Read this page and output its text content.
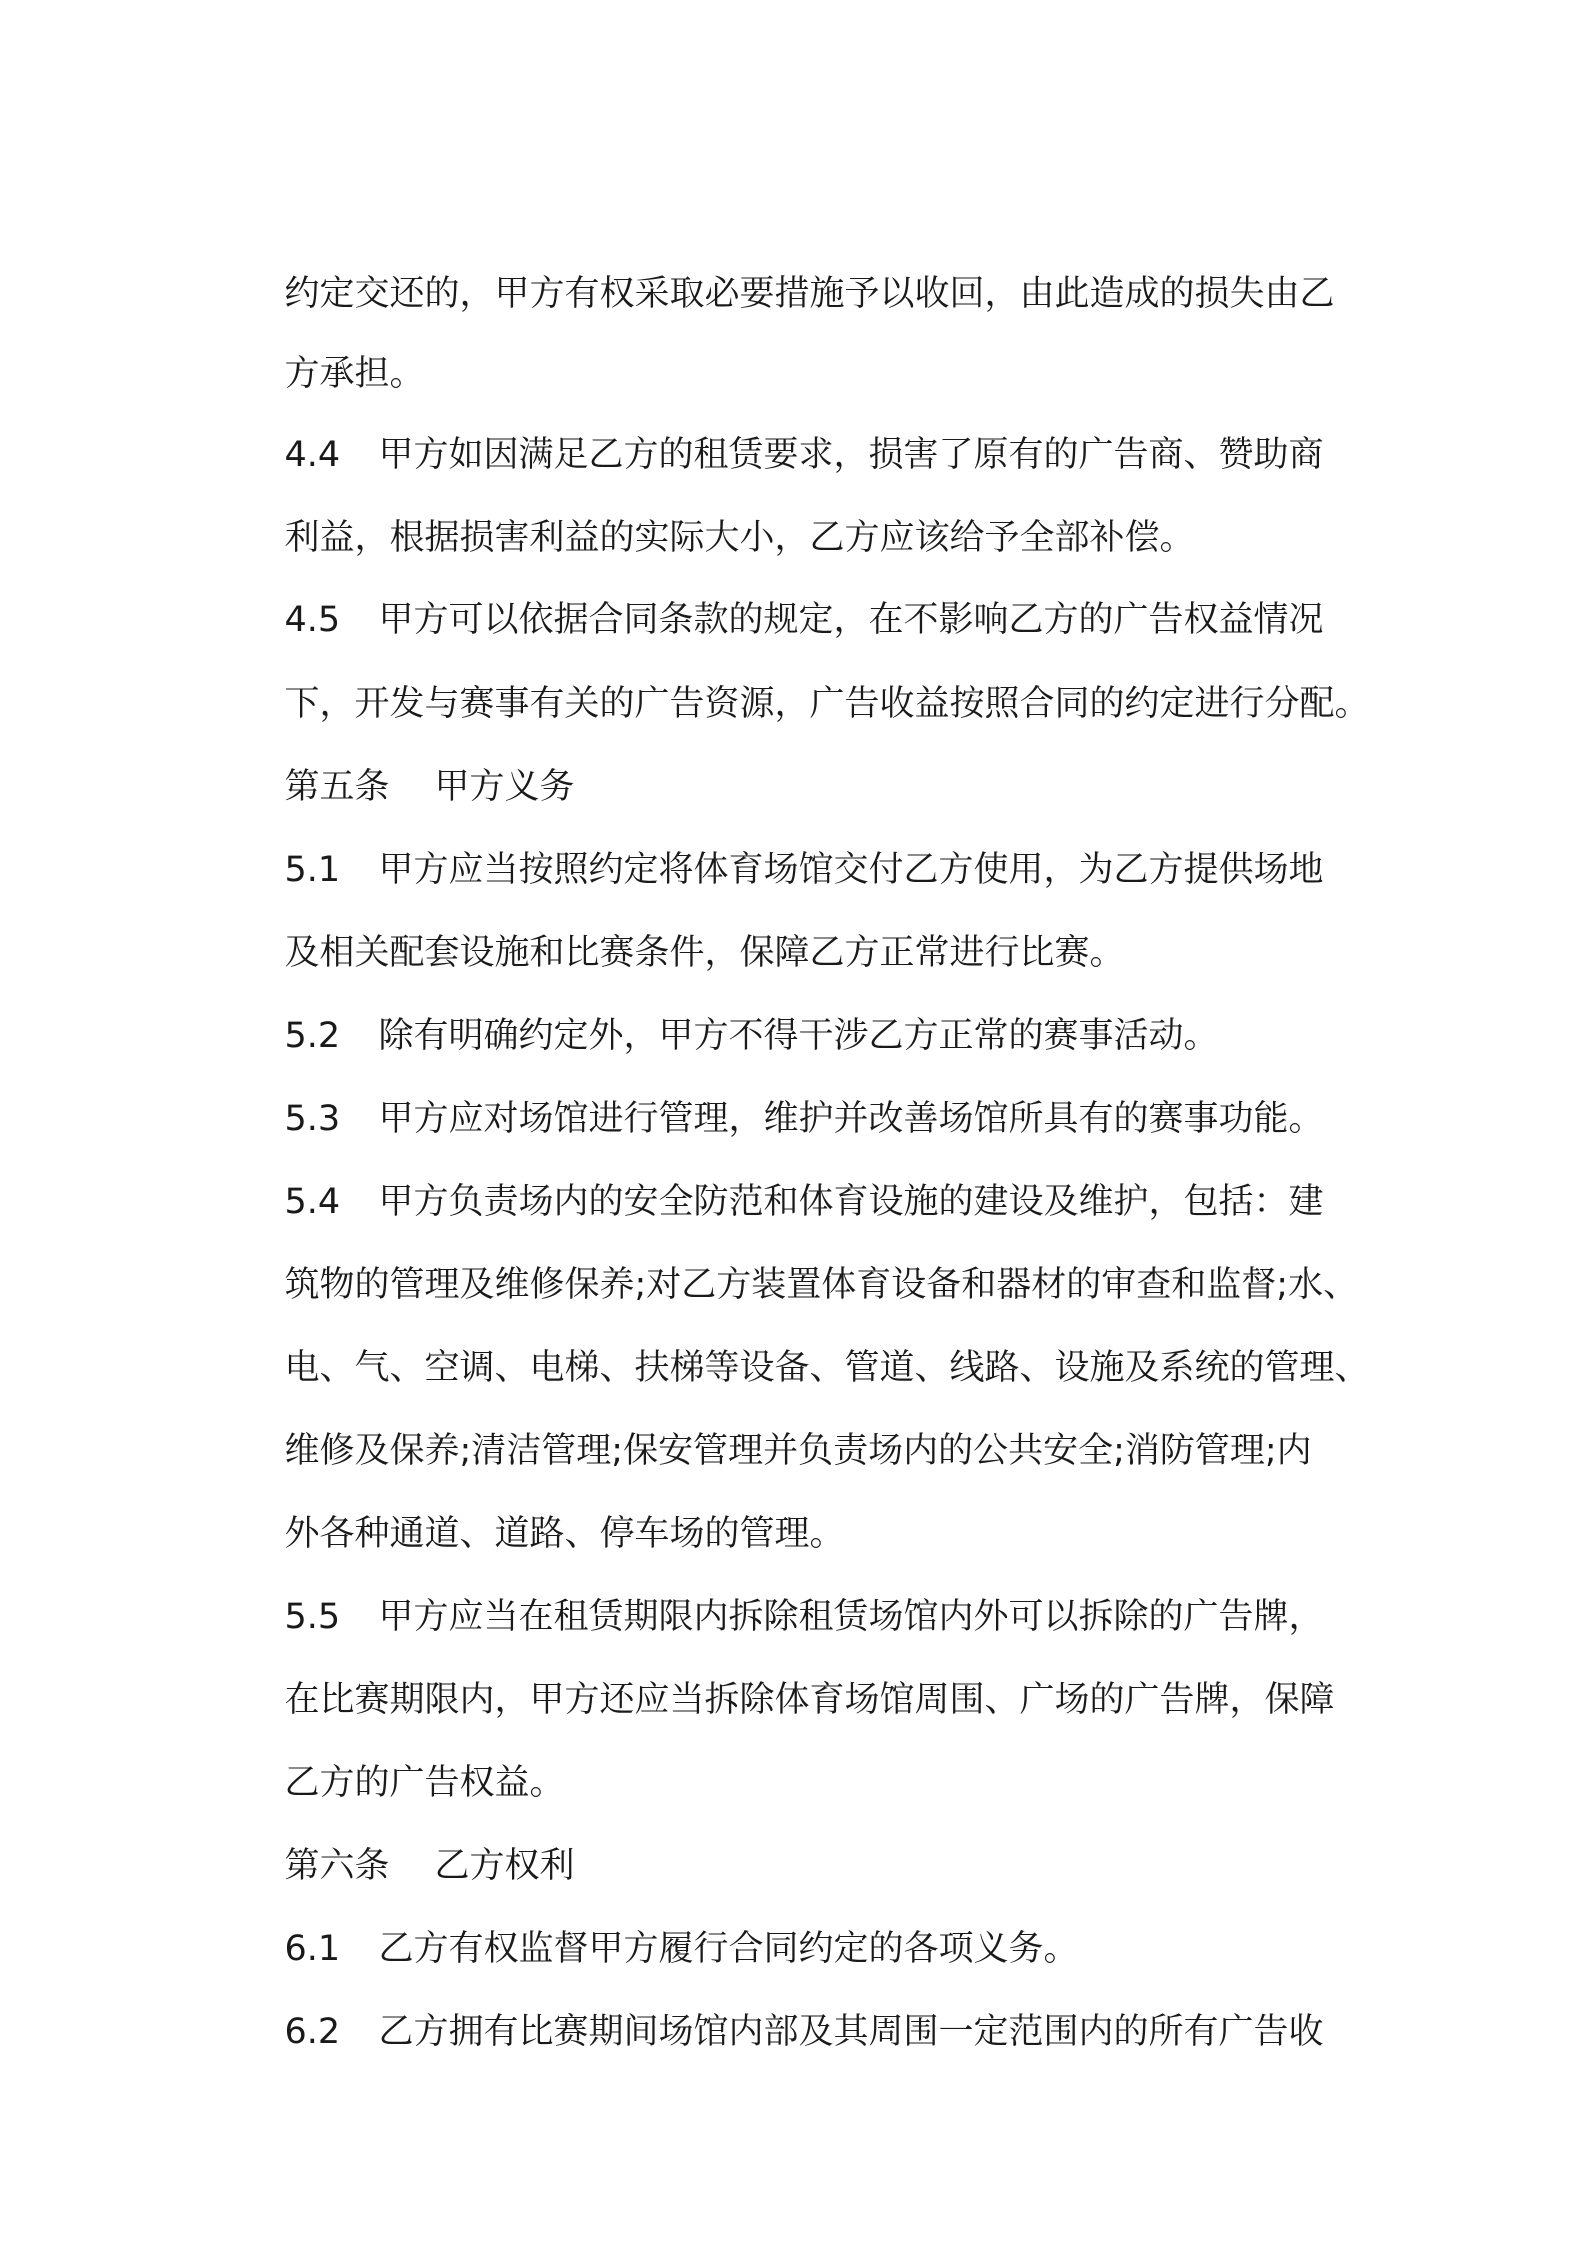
约定交还的，甲方有权采取必要措施予以收回，由此造成的损失由乙

方承担。

4.4 甲方如因满足乙方的租赁要求，损害了原有的广告商、赞助商

利益，根据损害利益的实际大小，乙方应该给予全部补偿。

4.5 甲方可以依据合同条款的规定，在不影响乙方的广告权益情况

下，开发与赛事有关的广告资源，广告收益按照合同的约定进行分配。

第五条 甲方义务

5.1 甲方应当按照约定将体育场馆交付乙方使用，为乙方提供场地

及相关配套设施和比赛条件，保障乙方正常进行比赛。

5.2 除有明确约定外，甲方不得干涉乙方正常的赛事活动。

5.3 甲方应对场馆进行管理，维护并改善场馆所具有的赛事功能。

5.4 甲方负责场内的安全防范和体育设施的建设及维护，包括：建

筑物的管理及维修保养;对乙方装置体育设备和器材的审查和监督;水、

电、气、空调、电梯、扶梯等设备、管道、线路、设施及系统的管理、

维修及保养;清洁管理;保安管理并负责场内的公共安全;消防管理;内

外各种通道、道路、停车场的管理。

5.5 甲方应当在租赁期限内拆除租赁场馆内外可以拆除的广告牌，

在比赛期限内，甲方还应当拆除体育场馆周围、广场的广告牌，保障

乙方的广告权益。

第六条 乙方权利

6.1 乙方有权监督甲方履行合同约定的各项义务。

6.2 乙方拥有比赛期间场馆内部及其周围一定范围内的所有广告收
